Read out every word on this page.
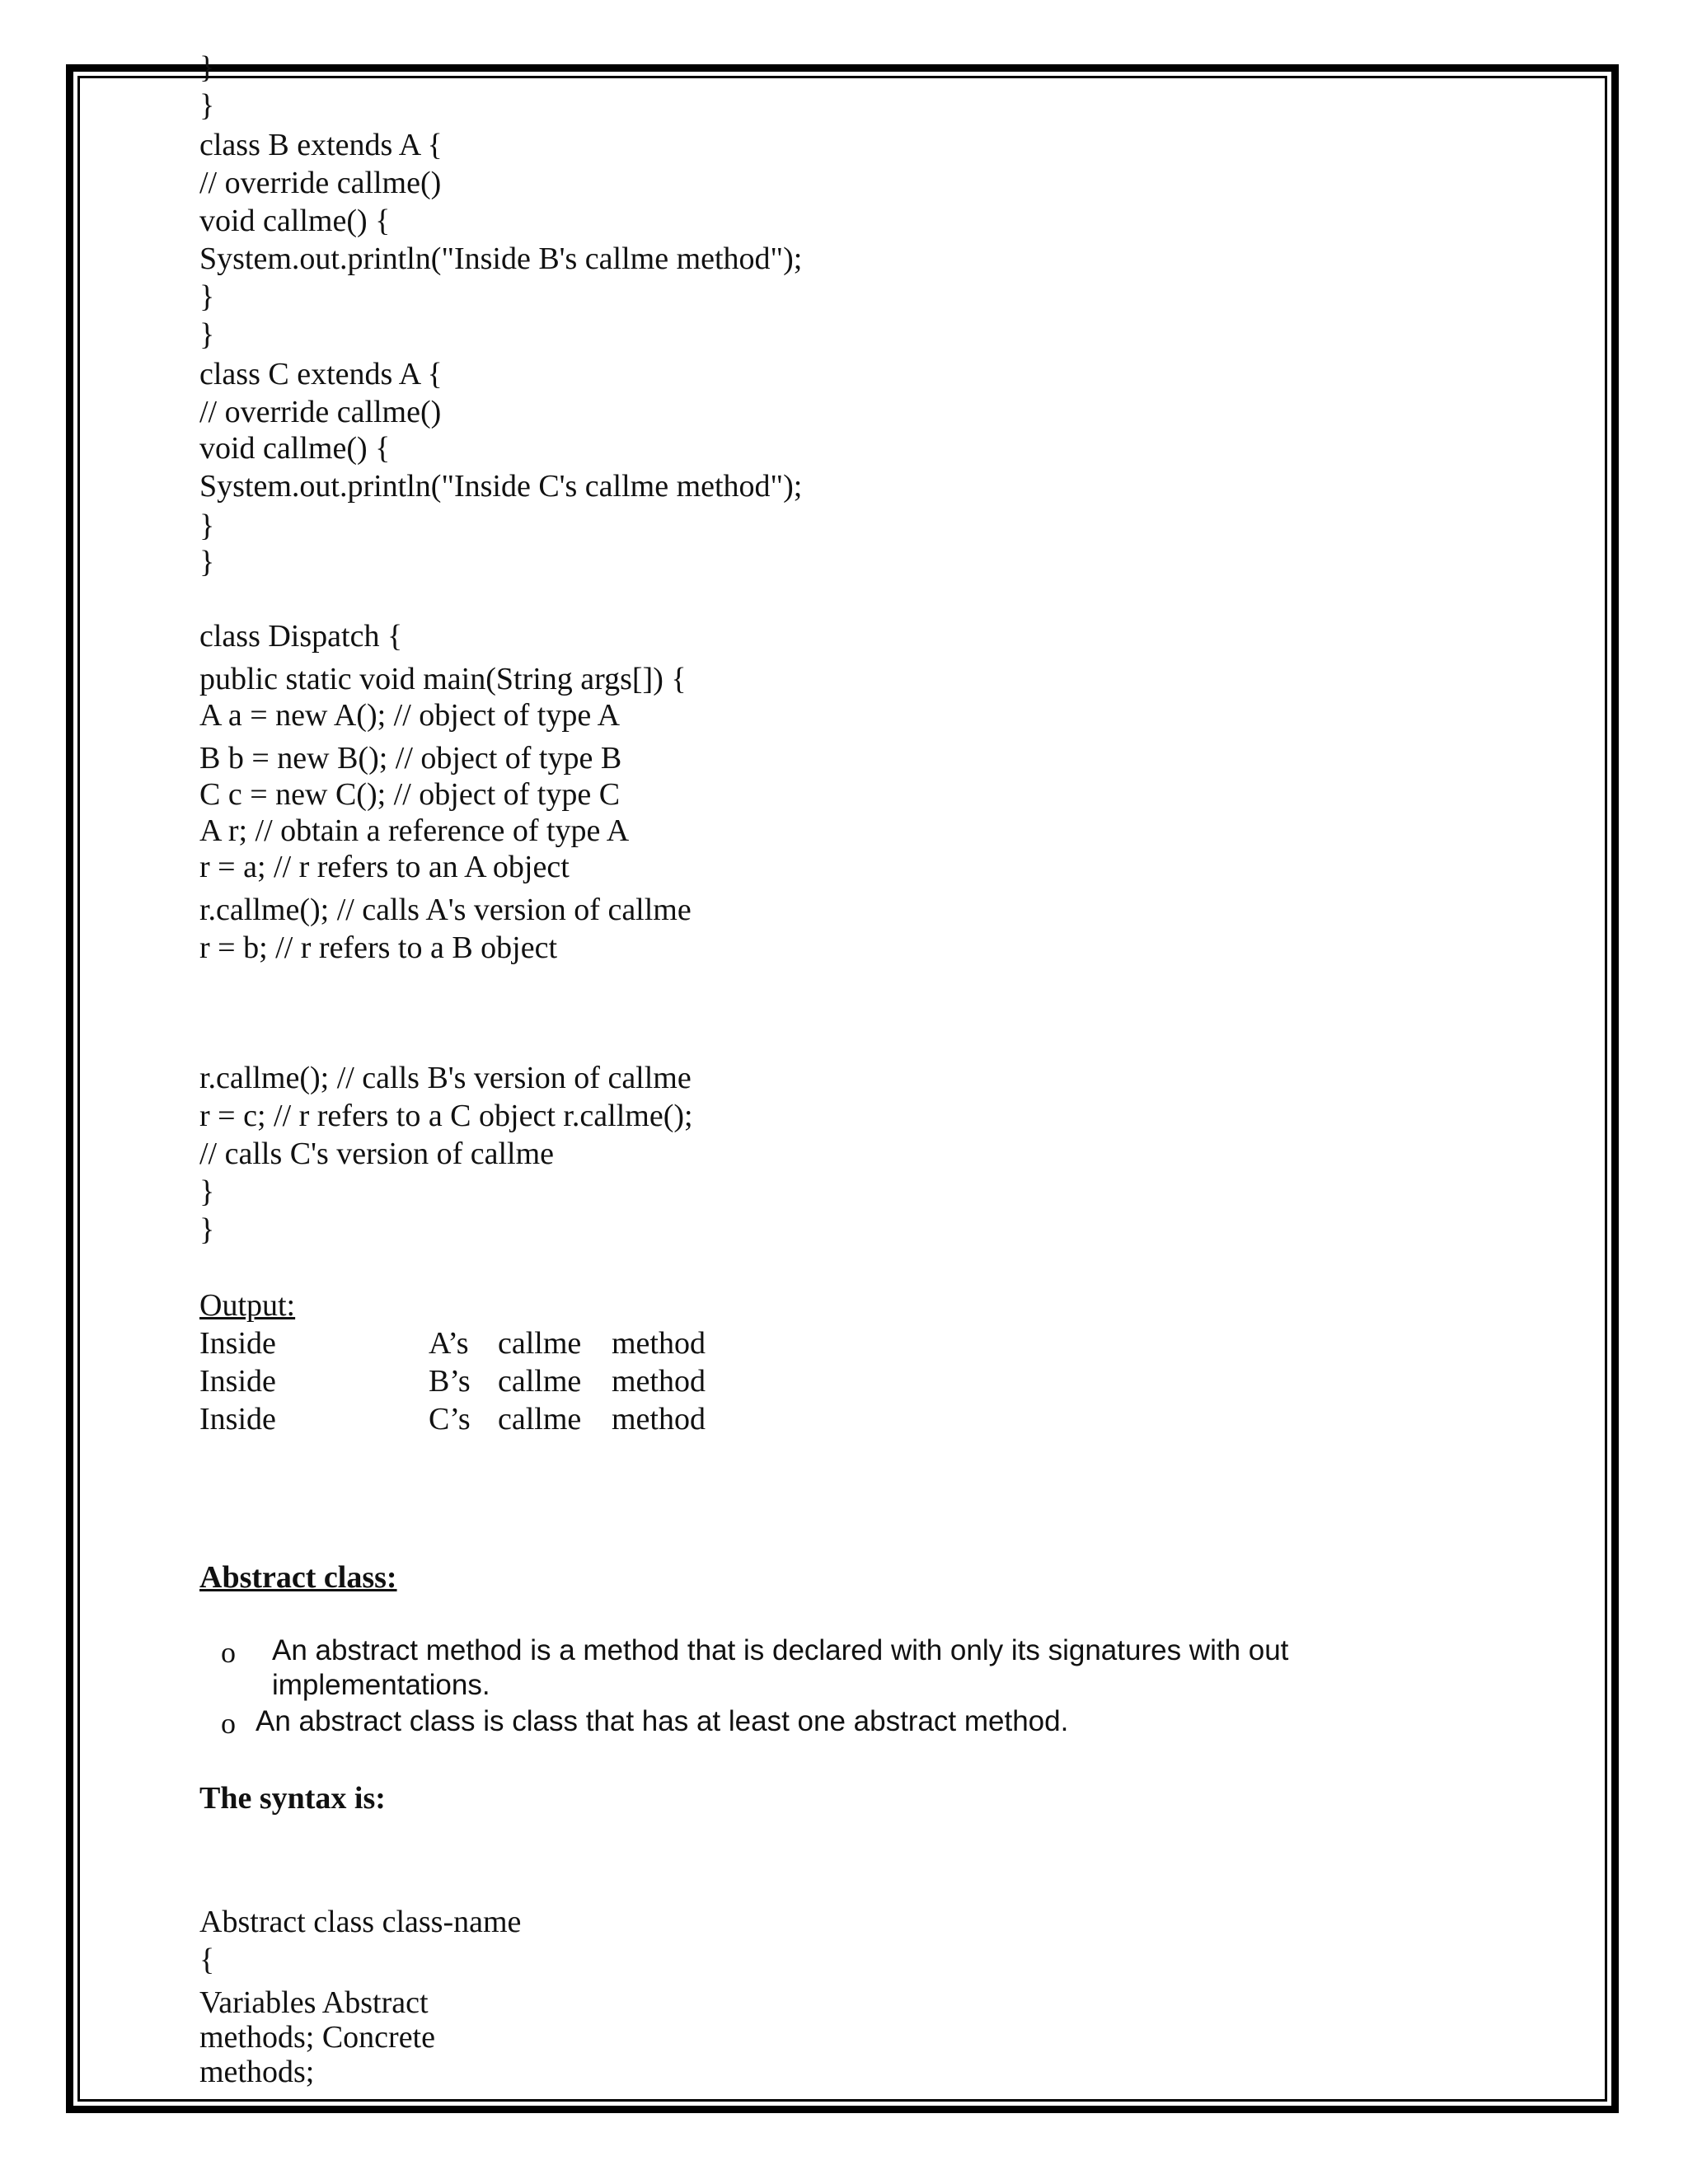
}
}
class B extends A {
// override callme()
void callme() {
System.out.println("Inside B's callme method");
}
}
class C extends A {
// override callme()
void callme() {
System.out.println("Inside C's callme method");
}
}
class Dispatch {
public static void main(String args[]) {
A a = new A(); // object of type A
B b = new B(); // object of type B
C c = new C(); // object of type C
A r; // obtain a reference of type A
r = a; // r refers to an A object
r.callme(); // calls A's version of callme
r = b; // r refers to a B object
r.callme(); // calls B's version of callme
r = c; // r refers to a C object r.callme();
// calls C's version of callme
}
}
Output:
Inside	A’s callme method
Inside	B’s callme method
Inside	C’s callme method
Abstract class:
o An abstract method is a method that is declared with only its signatures with out
implementations.
o An abstract class is class that has at least one abstract method.
The syntax is:
Abstract class class-name
{
Variables Abstract
methods; Concrete
methods;
